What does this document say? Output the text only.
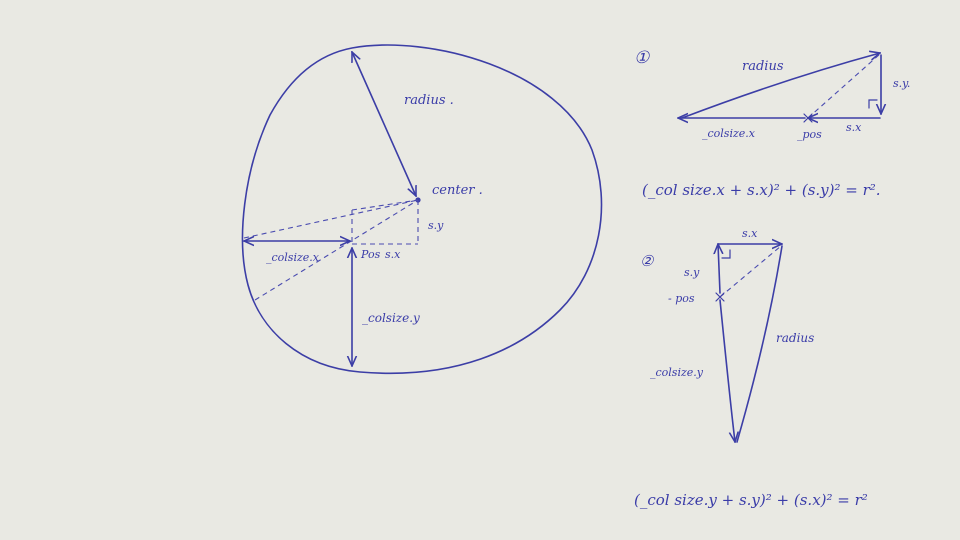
radius .
center .
s.y
_colsize.x	Pos s.x
_colsize.y
①	radius
s.y.
_colsize.x	_pos
s.x
(_col size.x + s.x)² + (s.y)² = r².
②
s.x
s.y
- pos
radius
_colsize.y
(_col size.y + s.y)² + (s.x)² = r²
